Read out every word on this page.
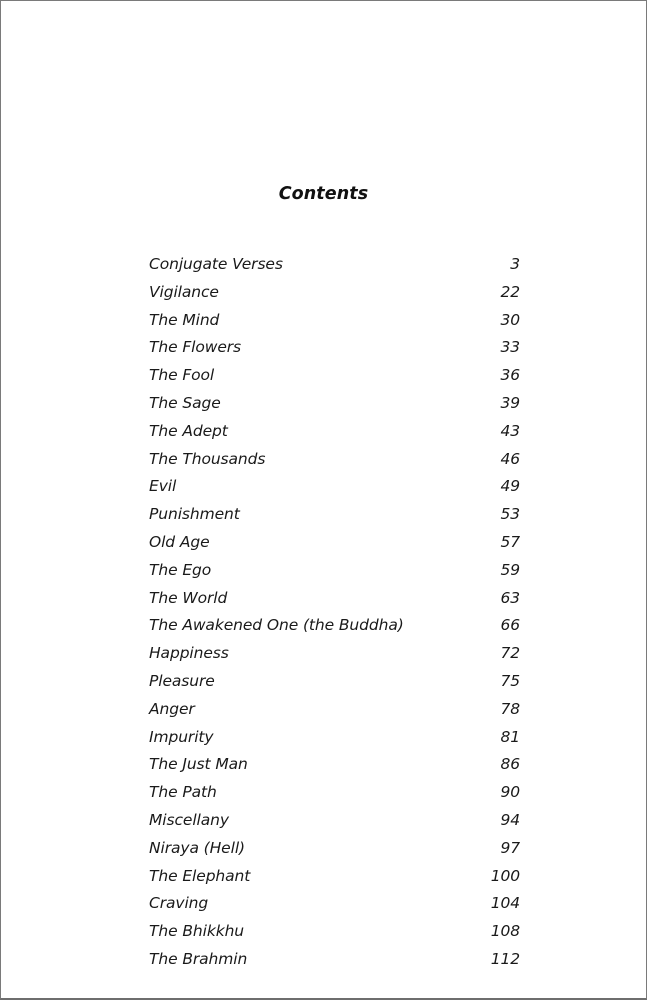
Contents
Conjugate Verses	3
Vigilance	22
The Mind	30
The Flowers	33
The Fool	36
The Sage	39
The Adept	43
The Thousands	46
Evil	49
Punishment	53
Old Age	57
The Ego	59
The World	63
The Awakened One (the Buddha)	66
Happiness	72
Pleasure	75
Anger	78
Impurity	81
The Just Man	86
The Path	90
Miscellany	94
Niraya (Hell)	97
The Elephant	100
Craving	104
The Bhikkhu	108
The Brahmin	112
